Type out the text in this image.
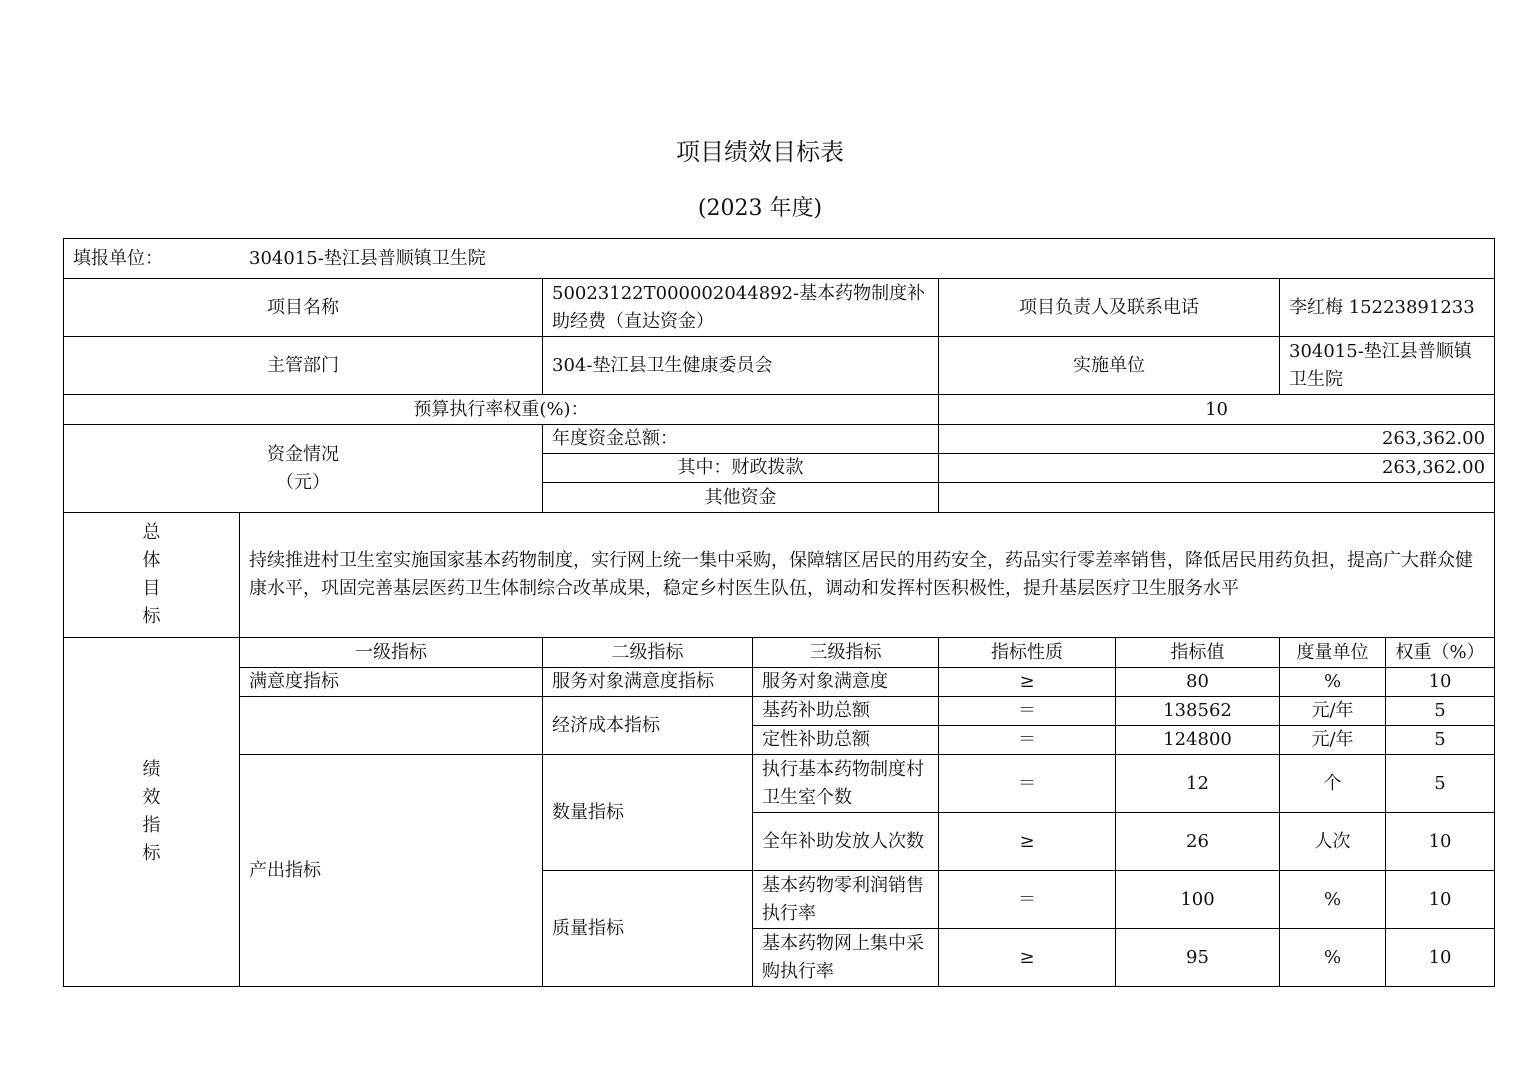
项目绩效目标表
(2023 年度)
填报单位： 304015-垫江县普顺镇卫生院							
项目名称		50023122T000002044892-基本药物制度补助经费（直达资金）		项目负责人及联系电话		李红梅 15223891233	
主管部门		304-垫江县卫生健康委员会		实施单位		304015-垫江县普顺镇卫生院	
预算执行率权重(%)：				10			

资金情况
（元）		年度资金总额：		263,362.00			
		其中：财政拨款		263,362.00			
		其他资金					

总
体
目
标	持续推进村卫生室实施国家基本药物制度，实行网上统一集中采购，保障辖区居民的用药安全，药品实行零差率销售，降低居民用药负担，提高广大群众健康水平，巩固完善基层医药卫生体制综合改革成果，稳定乡村医生队伍，调动和发挥村医积极性，提升基层医疗卫生服务水平						

绩
效
指
标	一级指标	二级指标	三级指标	指标性质	指标值	度量单位	权重（%）
	满意度指标	服务对象满意度指标	服务对象满意度	≥	80	%	10
		经济成本指标	基药补助总额	＝	138562	元/年	5
			定性补助总额	＝	124800	元/年	5
	产出指标	数量指标	执行基本药物制度村卫生室个数	＝	12	个	5
			全年补助发放人次数	≥	26	人次	10
		质量指标	基本药物零利润销售执行率	＝	100	%	10
			基本药物网上集中采购执行率	≥	95	%	10
